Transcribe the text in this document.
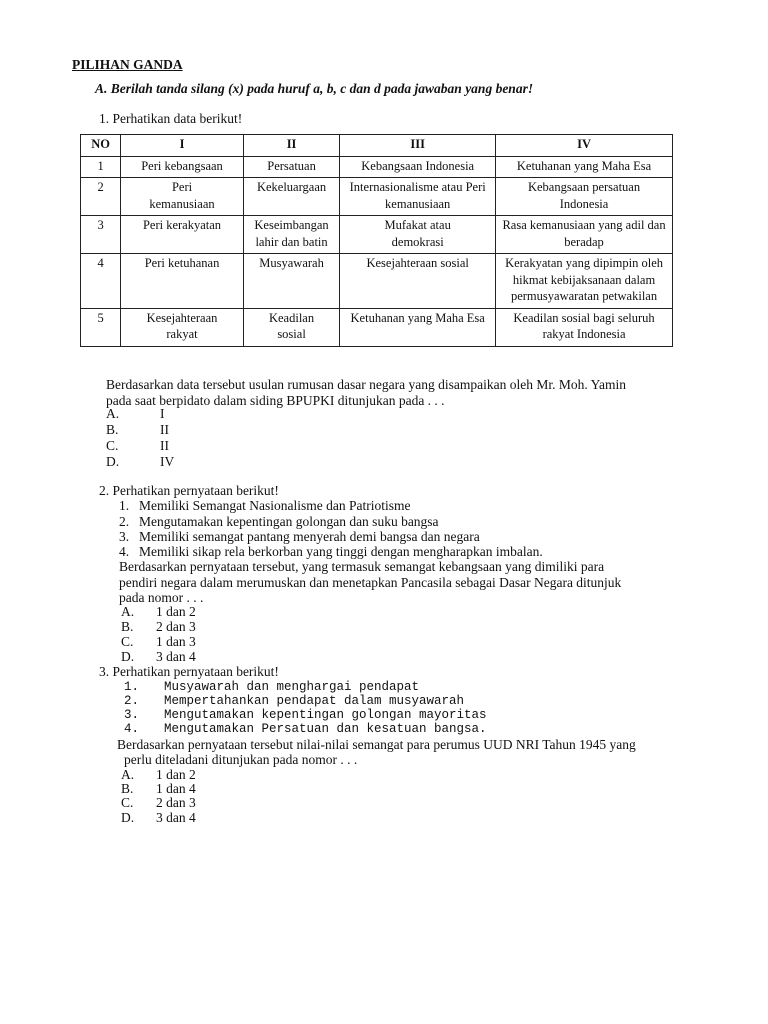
PILIHAN GANDA
A. Berilah tanda silang (x) pada huruf a, b, c dan d pada jawaban yang benar!
1. Perhatikan data berikut!
NO	I	II	III	IV
1	Peri kebangsaan	Persatuan	Kebangsaan Indonesia	Ketuhanan yang Maha Esa
2	Peri kemanusiaan	Kekeluargaan	Internasionalisme atau Peri kemanusiaan	Kebangsaan persatuan Indonesia
3	Peri kerakyatan	Keseimbangan lahir dan batin	Mufakat atau demokrasi	Rasa kemanusiaan yang adil dan beradap
4	Peri ketuhanan	Musyawarah	Kesejahteraan sosial	Kerakyatan yang dipimpin oleh hikmat kebijaksanaan dalam permusyawaratan petwakilan
5	Kesejahteraan rakyat	Keadilan sosial	Ketuhanan yang Maha Esa	Keadilan sosial bagi seluruh rakyat Indonesia
Berdasarkan data tersebut usulan rumusan dasar negara yang disampaikan oleh Mr. Moh. Yamin
pada saat berpidato dalam siding BPUPKI ditunjukan pada . . .
A.	I
B.	II
C.	II
D.	IV
2. Perhatikan pernyataan berikut!
1. Memiliki Semangat Nasionalisme dan Patriotisme
2. Mengutamakan kepentingan golongan dan suku bangsa
3. Memiliki semangat pantang menyerah demi bangsa dan negara
4. Memiliki sikap rela berkorban yang tinggi dengan mengharapkan imbalan.
Berdasarkan pernyataan tersebut, yang termasuk semangat kebangsaan yang dimiliki para
pendiri negara dalam merumuskan dan menetapkan Pancasila sebagai Dasar Negara ditunjuk
pada nomor . . .
A. 1 dan 2
B. 2 dan 3
C. 1 dan 3
D. 3 dan 4
3. Perhatikan pernyataan berikut!
1. Musyawarah dan menghargai pendapat
2. Mempertahankan pendapat dalam musyawarah
3. Mengutamakan kepentingan golongan mayoritas
4. Mengutamakan Persatuan dan kesatuan bangsa.
Berdasarkan pernyataan tersebut nilai-nilai semangat para perumus UUD NRI Tahun 1945 yang
perlu diteladani ditunjukan pada nomor . . .
A. 1 dan 2
B. 1 dan 4
C. 2 dan 3
D. 3 dan 4
